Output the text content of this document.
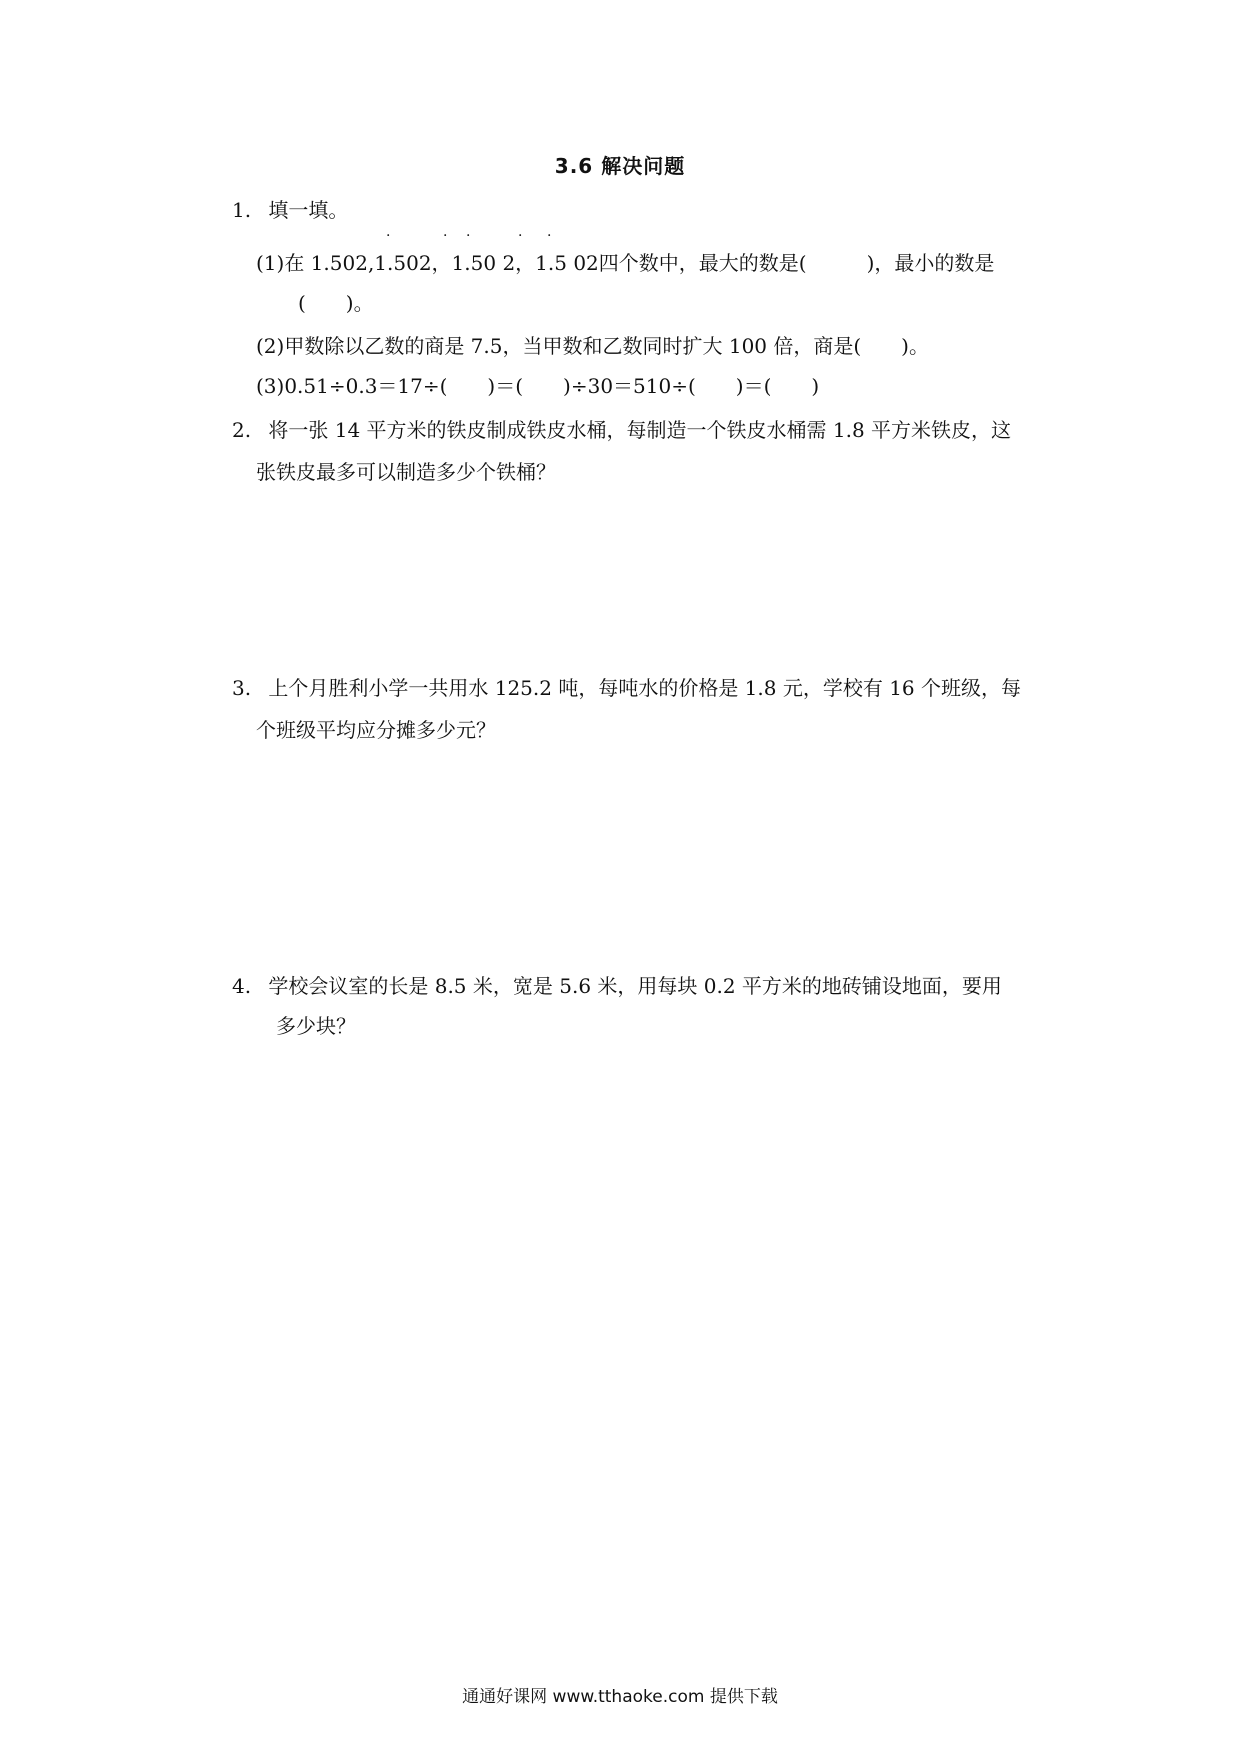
3.6 解决问题
1. 填一填。
·	· ·	· ·
(1)在 1.502,1.502，1.50 2，1.5 02四个数中，最大的数是(　　　)，最小的数是
(　　)。
(2)甲数除以乙数的商是 7.5，当甲数和乙数同时扩大 100 倍，商是(　　)。
(3)0.51÷0.3＝17÷(　　)＝(　　)÷30＝510÷(　　)＝(　　)
2. 将一张 14 平方米的铁皮制成铁皮水桶，每制造一个铁皮水桶需 1.8 平方米铁皮，这
张铁皮最多可以制造多少个铁桶？
3. 上个月胜利小学一共用水 125.2 吨，每吨水的价格是 1.8 元，学校有 16 个班级，每
个班级平均应分摊多少元？
4. 学校会议室的长是 8.5 米，宽是 5.6 米，用每块 0.2 平方米的地砖铺设地面，要用
多少块？
通通好课网 www.tthaoke.com 提供下载
